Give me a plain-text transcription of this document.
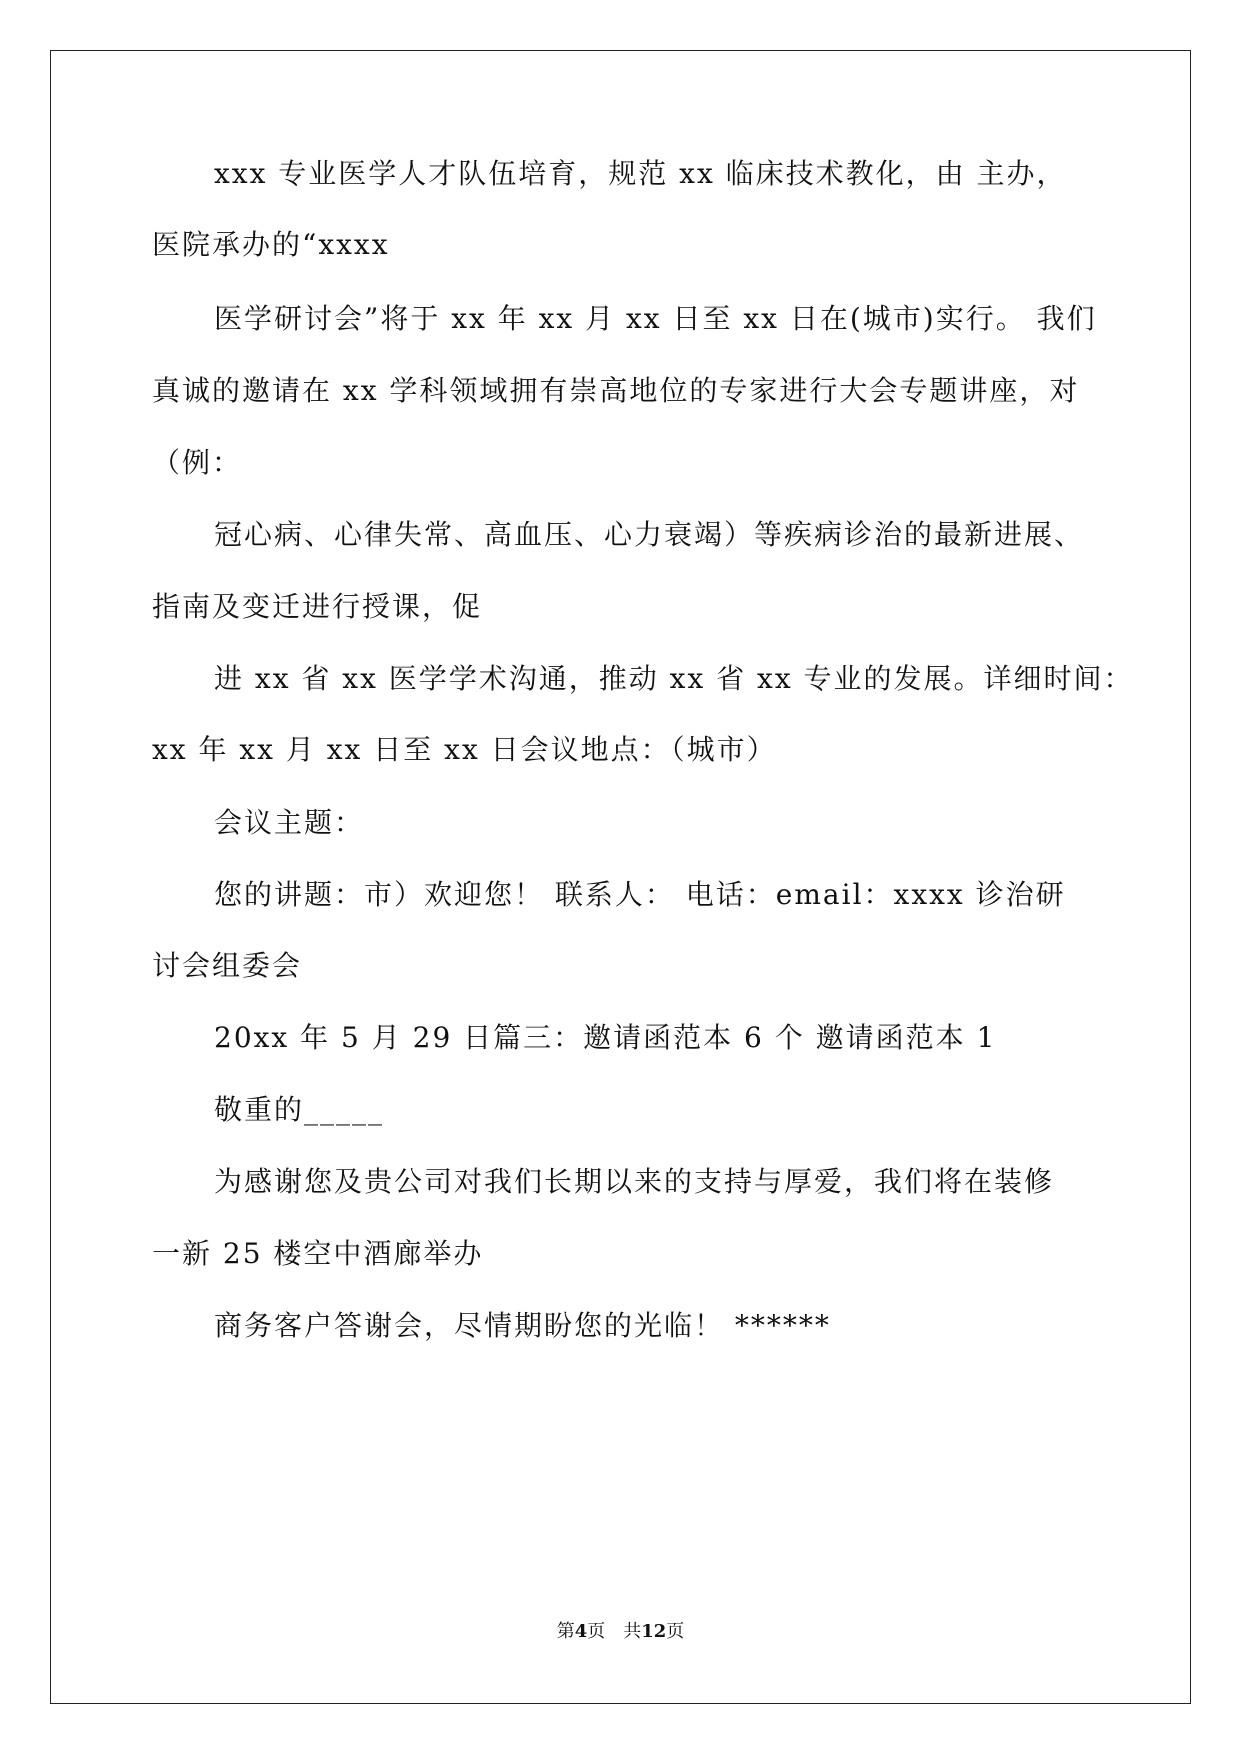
xxx 专业医学人才队伍培育，规范 xx 临床技术教化，由 主办，
医院承办的“xxxx
医学研讨会”将于 xx 年 xx 月 xx 日至 xx 日在(城市)实行。 我们
真诚的邀请在 xx 学科领域拥有崇高地位的专家进行大会专题讲座，对
（例：
冠心病、心律失常、高血压、心力衰竭）等疾病诊治的最新进展、
指南及变迁进行授课，促
进 xx 省 xx 医学学术沟通，推动 xx 省 xx 专业的发展。详细时间：
xx 年 xx 月 xx 日至 xx 日会议地点：（城市）
会议主题：
您的讲题：市）欢迎您！ 联系人： 电话：email：xxxx 诊治研
讨会组委会
20xx 年 5 月 29 日篇三：邀请函范本 6 个 邀请函范本 1
敬重的_____
为感谢您及贵公司对我们长期以来的支持与厚爱，我们将在装修
一新 25 楼空中酒廊举办
商务客户答谢会，尽情期盼您的光临！ ******
第4页 共12页
